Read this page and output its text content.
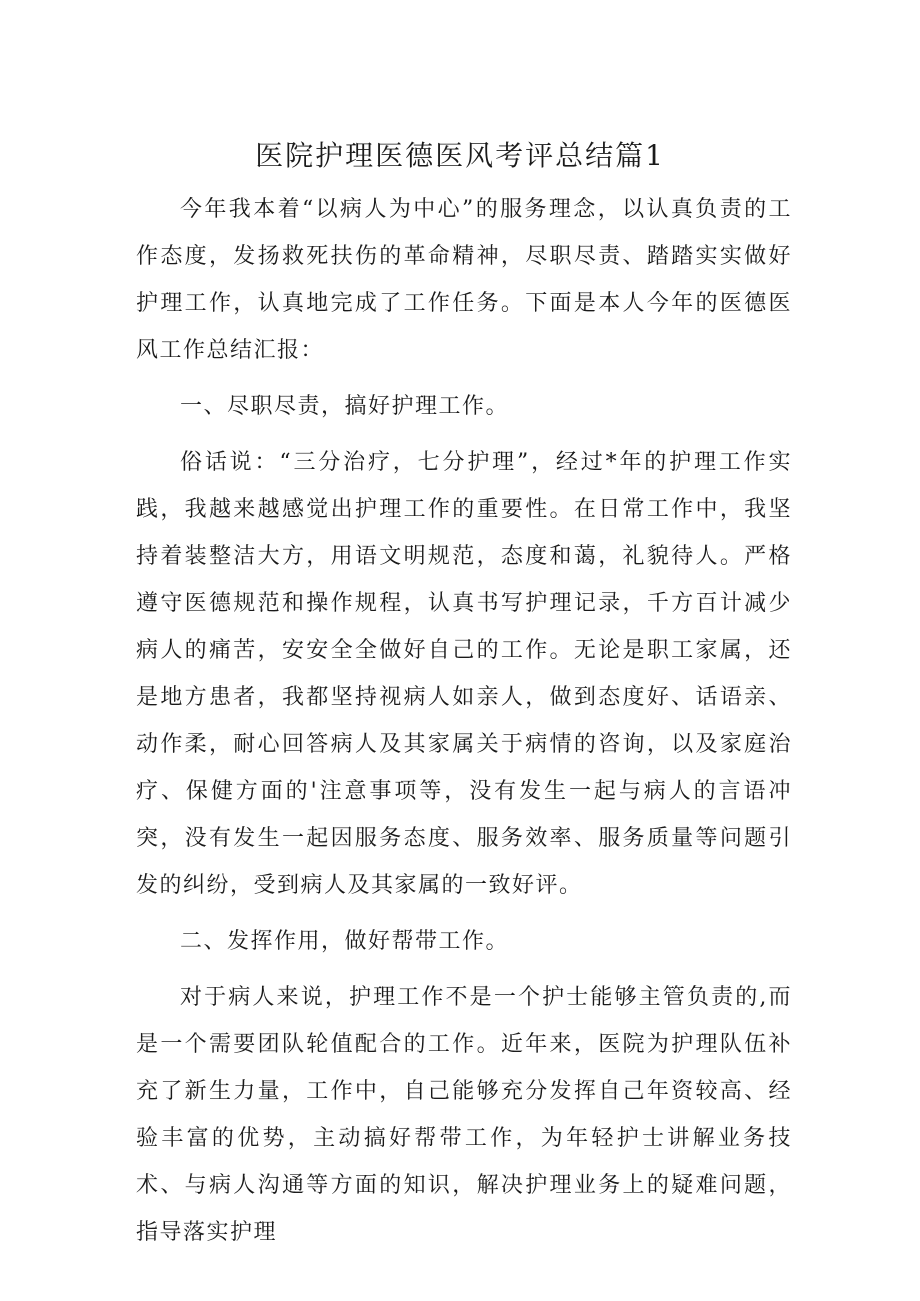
医院护理医德医风考评总结篇1

今年我本着“以病人为中心”的服务理念，以认真负责的工作态度，发扬救死扶伤的革命精神，尽职尽责、踏踏实实做好护理工作，认真地完成了工作任务。下面是本人今年的医德医风工作总结汇报：

一、尽职尽责，搞好护理工作。

俗话说：“三分治疗，七分护理”，经过*年的护理工作实践，我越来越感觉出护理工作的重要性。在日常工作中，我坚持着装整洁大方，用语文明规范，态度和蔼，礼貌待人。严格遵守医德规范和操作规程，认真书写护理记录，千方百计减少病人的痛苦，安安全全做好自己的工作。无论是职工家属，还是地方患者，我都坚持视病人如亲人，做到态度好、话语亲、动作柔，耐心回答病人及其家属关于病情的咨询，以及家庭治疗、保健方面的'注意事项等，没有发生一起与病人的言语冲突，没有发生一起因服务态度、服务效率、服务质量等问题引发的纠纷，受到病人及其家属的一致好评。

二、发挥作用，做好帮带工作。

对于病人来说，护理工作不是一个护士能够主管负责的,而是一个需要团队轮值配合的工作。近年来，医院为护理队伍补充了新生力量，工作中，自己能够充分发挥自己年资较高、经验丰富的优势，主动搞好帮带工作，为年轻护士讲解业务技术、与病人沟通等方面的知识，解决护理业务上的疑难问题，指导落实护理
